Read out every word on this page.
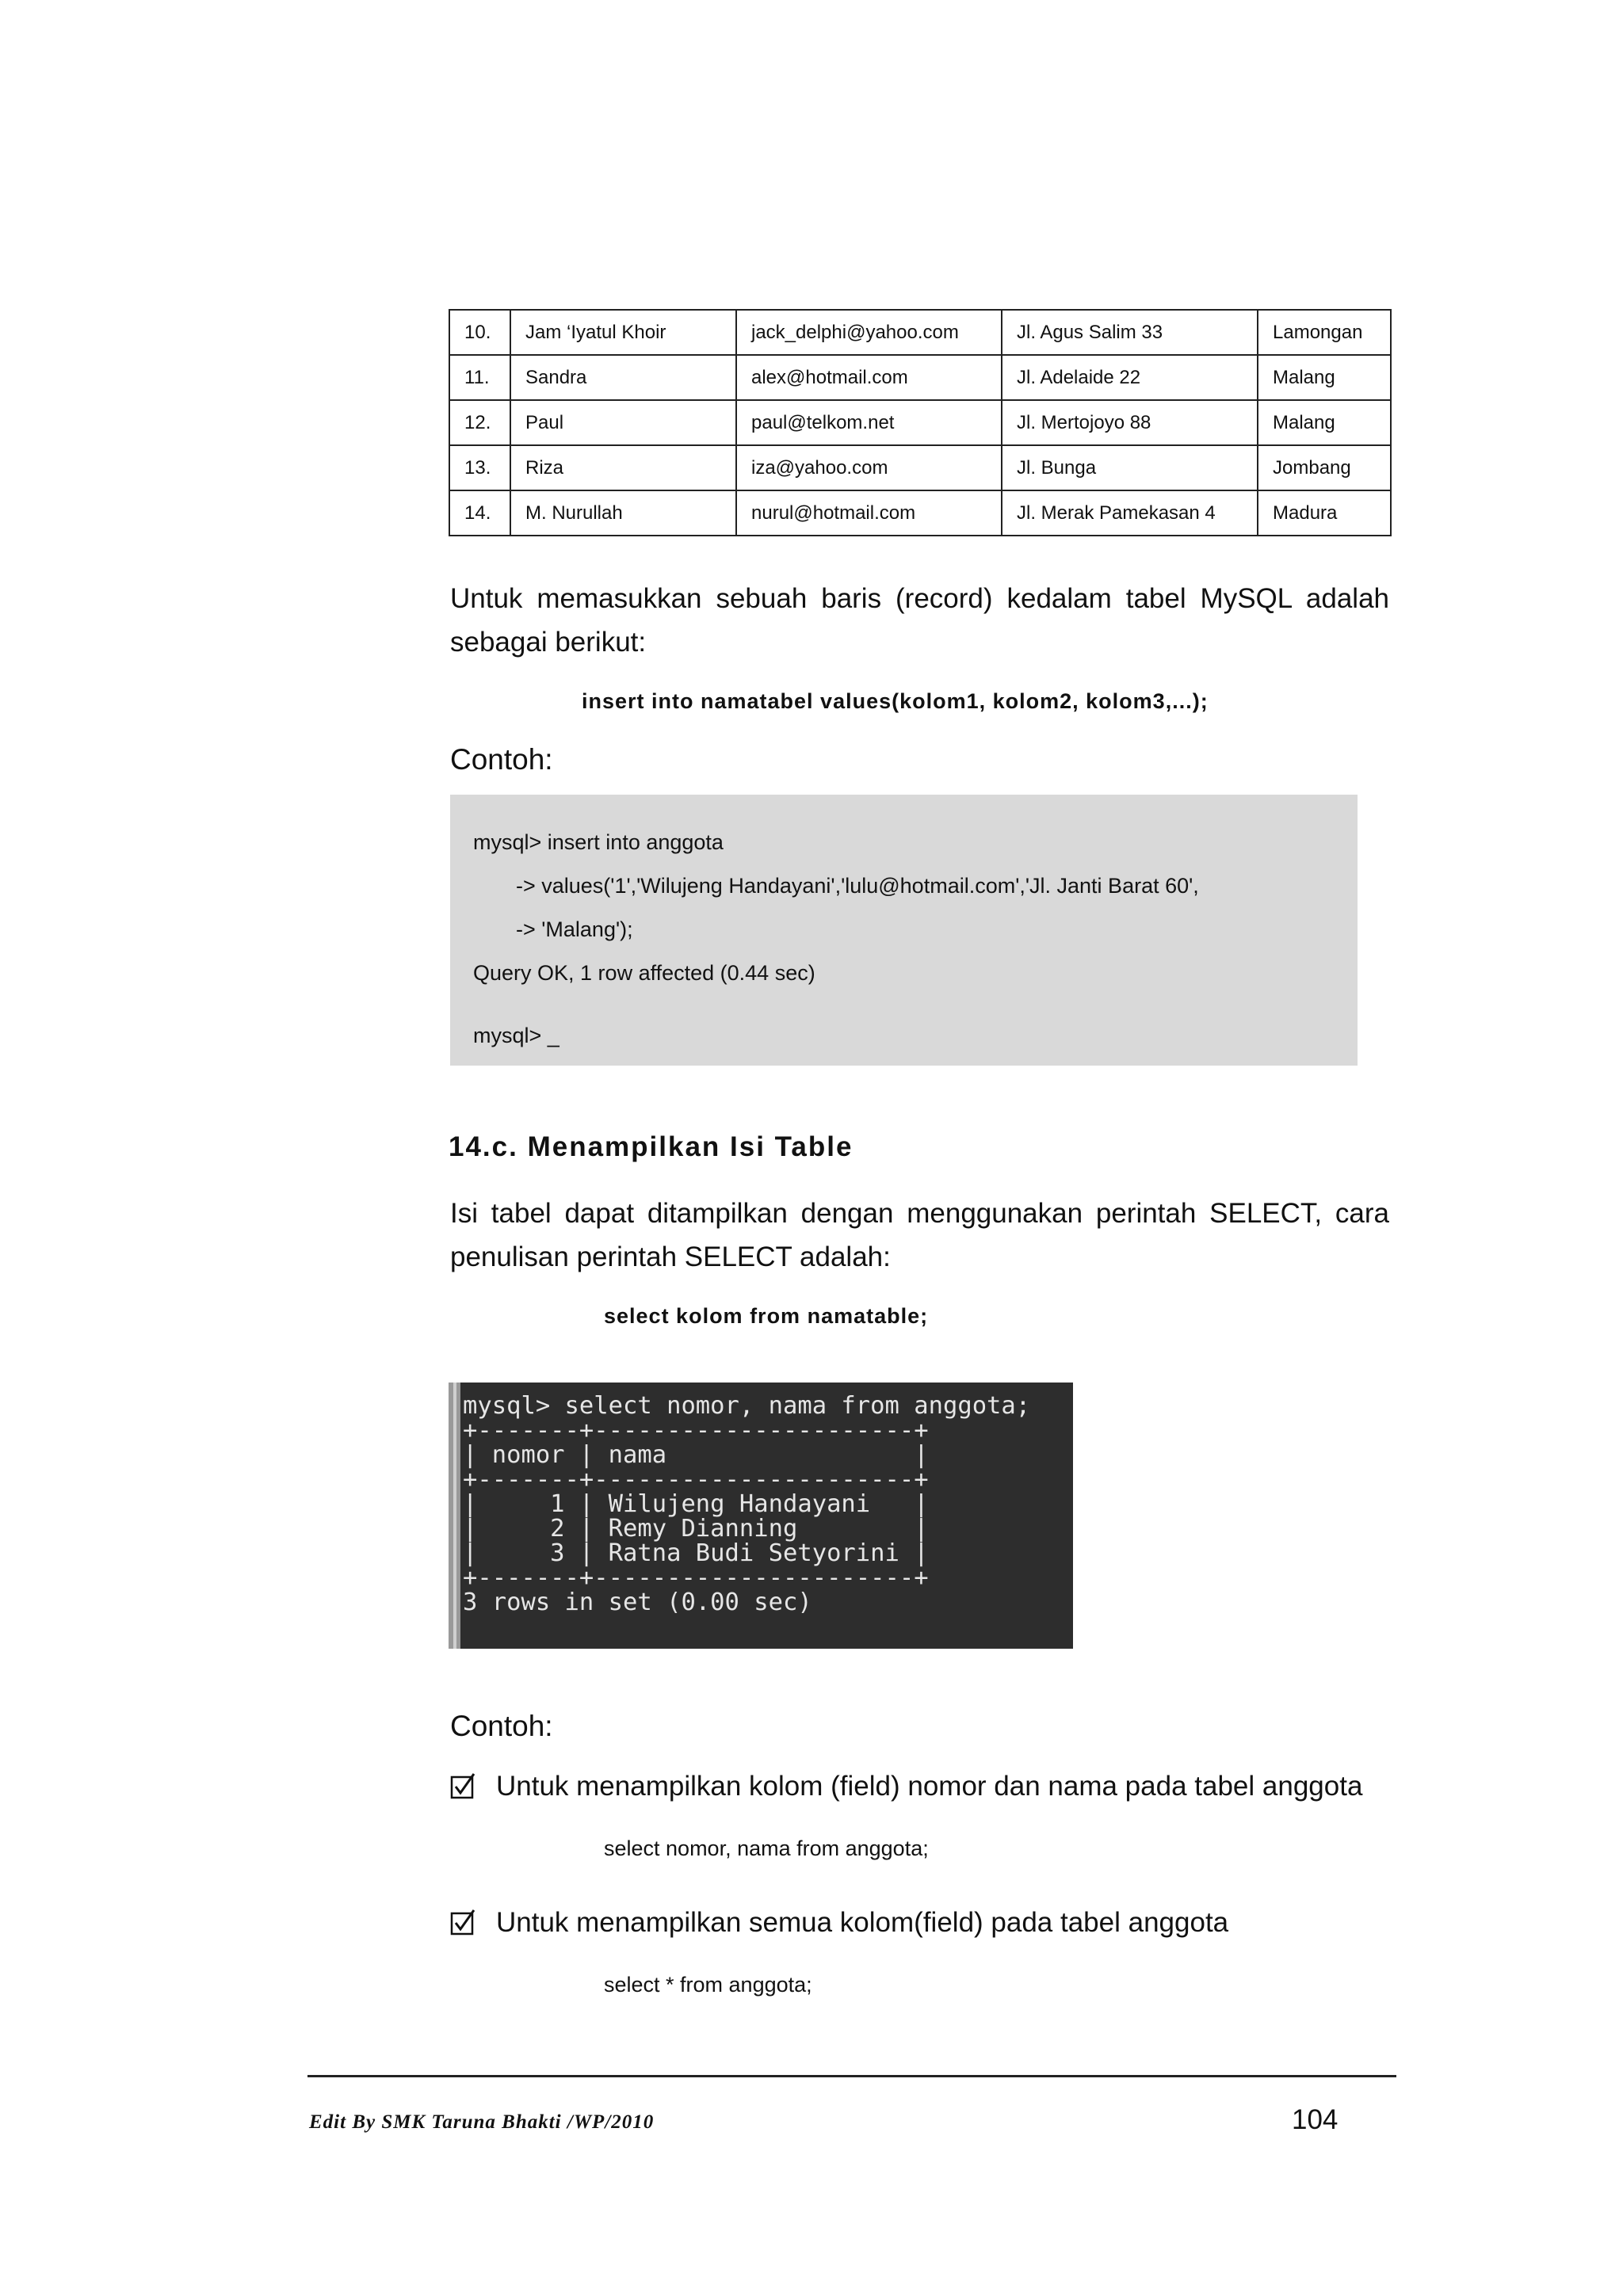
10.	Jam ‘Iyatul Khoir	jack_delphi@yahoo.com	Jl. Agus Salim 33	Lamongan
11.	Sandra	alex@hotmail.com	Jl. Adelaide 22	Malang
12.	Paul	paul@telkom.net	Jl. Mertojoyo 88	Malang
13.	Riza	iza@yahoo.com	Jl. Bunga	Jombang
14.	M. Nurullah	nurul@hotmail.com	Jl. Merak Pamekasan 4	Madura
Untuk memasukkan sebuah baris (record) kedalam tabel MySQL adalah sebagai berikut:
insert into namatabel values(kolom1, kolom2, kolom3,...);
Contoh:
mysql> insert into anggota
-> values('1','Wilujeng Handayani','lulu@hotmail.com','Jl. Janti Barat 60',
-> 'Malang');
Query OK, 1 row affected (0.44 sec)
mysql> _
14.c. Menampilkan Isi Table
Isi tabel dapat ditampilkan dengan menggunakan perintah SELECT, cara penulisan perintah SELECT adalah:
select kolom from namatable;
mysql> select nomor, nama from anggota;
+-------+----------------------+
| nomor | nama                 |
+-------+----------------------+
|     1 | Wilujeng Handayani   |
|     2 | Remy Dianning        |
|     3 | Ratna Budi Setyorini |
+-------+----------------------+
3 rows in set (0.00 sec)
Contoh:
Untuk menampilkan kolom (field) nomor dan nama pada tabel anggota
select nomor, nama from anggota;
Untuk menampilkan semua kolom(field) pada tabel anggota
select * from anggota;
Edit By SMK Taruna Bhakti /WP/2010	104
